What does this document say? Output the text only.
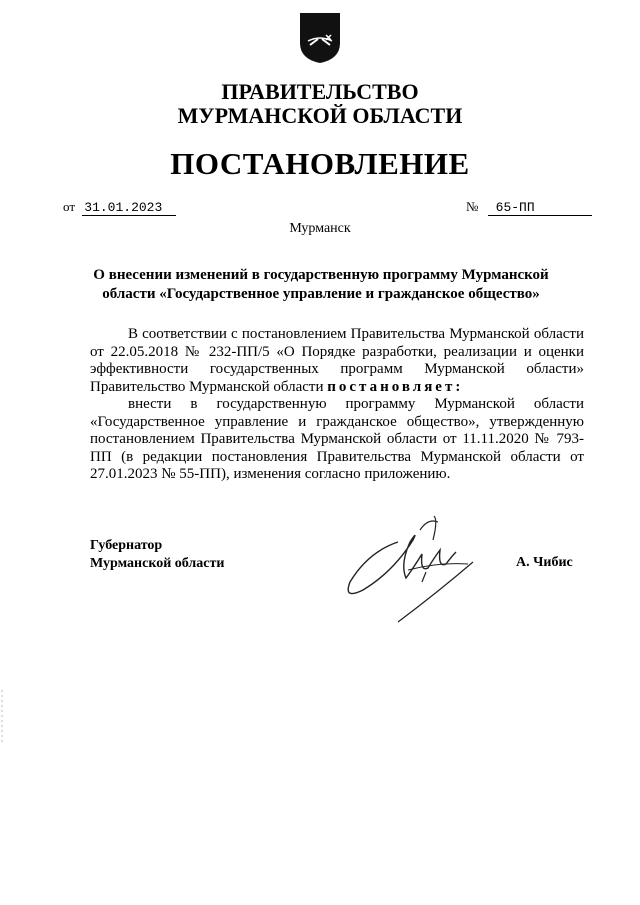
ПРАВИТЕЛЬСТВО
МУРМАНСКОЙ ОБЛАСТИ
ПОСТАНОВЛЕНИЕ
от 31.01.2023	№ 65-ПП
Мурманск
О внесении изменений в государственную программу Мурманской области «Государственное управление и гражданское общество»

В соответствии с постановлением Правительства Мурманской области от 22.05.2018 № 232-ПП/5 «О Порядке разработки, реализации и оценки эффективности государственных программ Мурманской области» Правительство Мурманской области постановляет:

внести в государственную программу Мурманской области «Государственное управление и гражданское общество», утвержденную постановлением Правительства Мурманской области от 11.11.2020 № 793-ПП (в редакции постановления Правительства Мурманской области от 27.01.2023 № 55-ПП), изменения согласно приложению.

Губернатор
Мурманской области	А. Чибис
